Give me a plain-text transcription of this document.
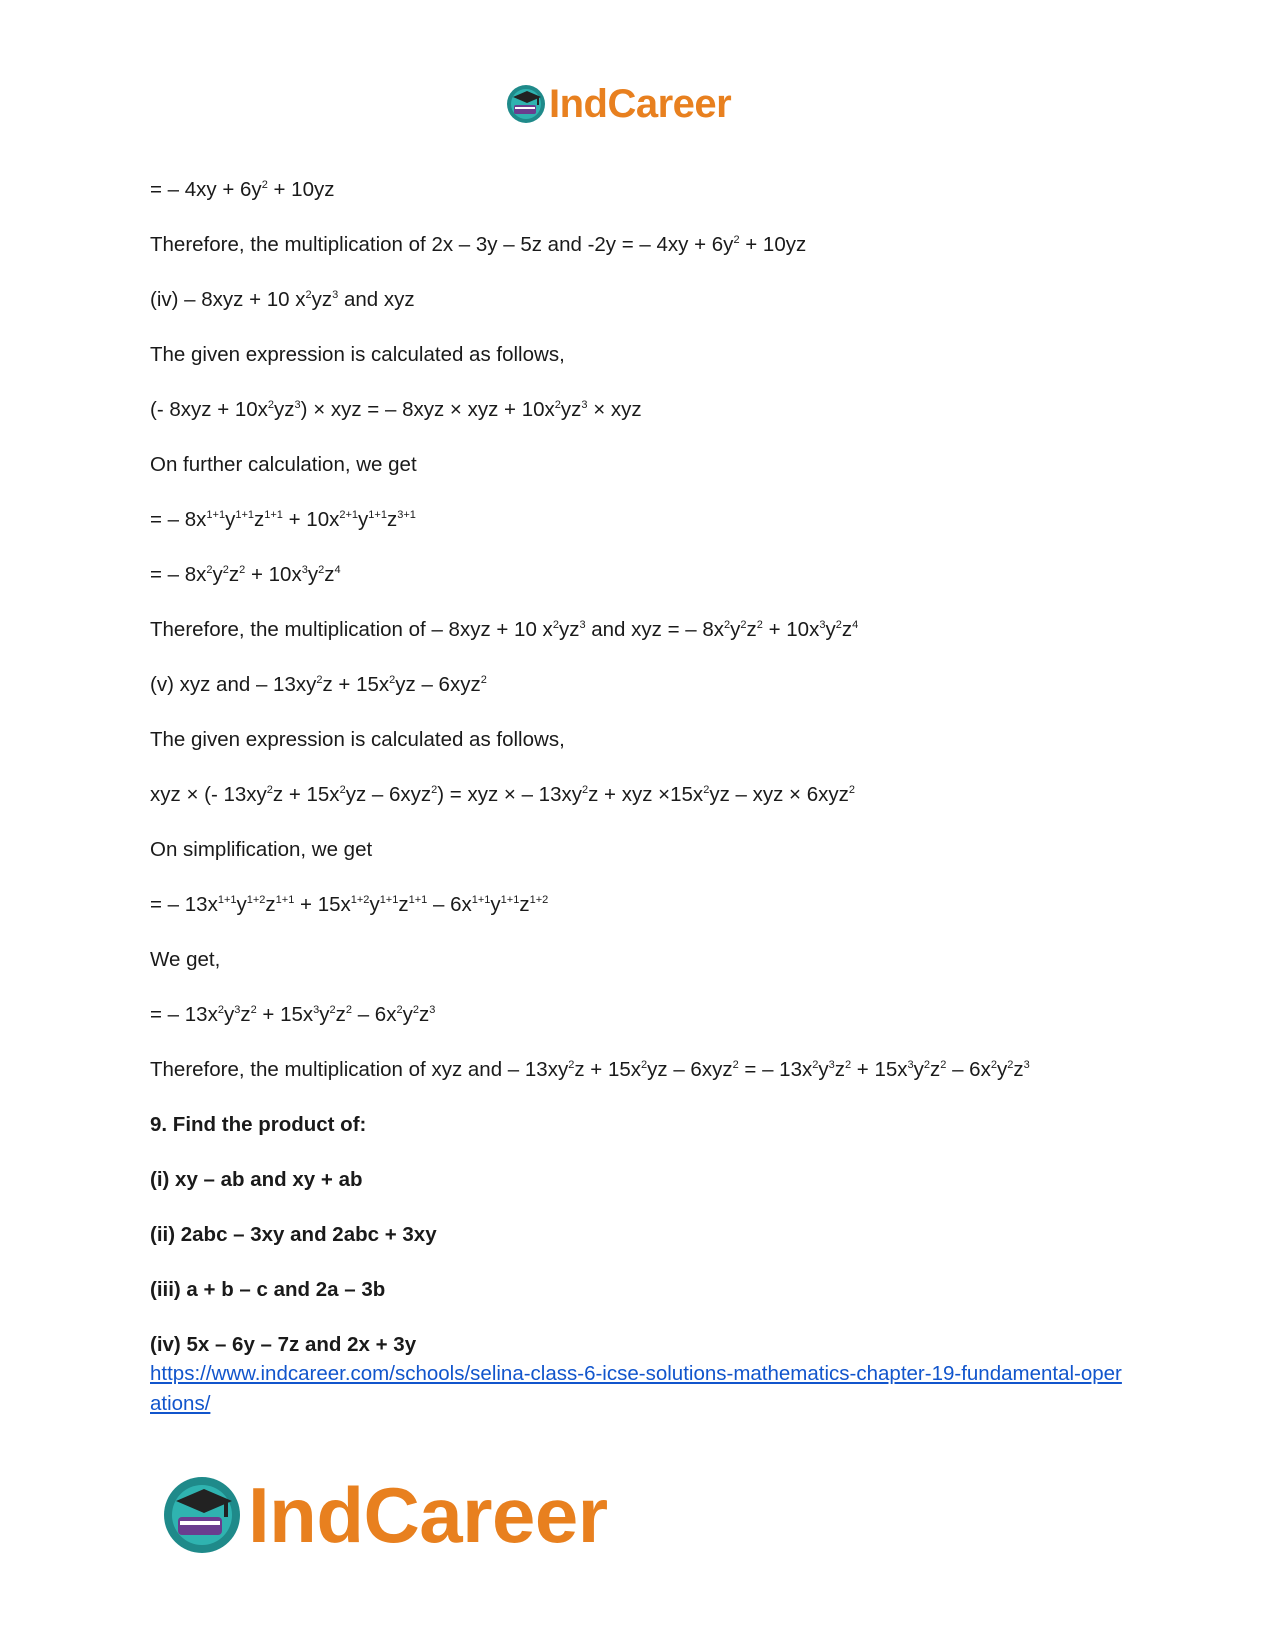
IndCareer

= – $4xy + 6y^2 + 10yz$

Therefore, the multiplication of 2x – 3y – 5z and -2y = – $4xy + 6y^2 + 10yz$

(iv) – 8xyz + 10 $x^2yz^3$ and xyz

The given expression is calculated as follows,

(- $8xyz + 10x^2yz^3$) × xyz = – 8xyz × xyz + $10x^2yz^3$ × xyz

On further calculation, we get

= – $8x^{1+1}y^{1+1}z^{1+1} + 10x^{2+1}y^{1+1}z^{3+1}$

= – $8x^2y^2z^2 + 10x^3y^2z^4$

Therefore, the multiplication of – 8xyz + 10 $x^2yz^3$ and xyz = – $8x^2y^2z^2 + 10x^3y^2z^4$

(v) xyz and – $13xy^2z + 15x^2yz - 6xyz^2$

The given expression is calculated as follows,

xyz × (- $13xy^2z + 15x^2yz - 6xyz^2$) = xyz × – $13xy^2z$ + xyz $\times 15x^2yz$ – xyz × 6xyz$^2$

On simplification, we get

= – $13x^{1+1}y^{1+2}z^{1+1} + 15x^{1+2}y^{1+1}z^{1+1} - 6x^{1+1}y^{1+1}z^{1+2}$

We get,

= – $13x^2y^3z^2 + 15x^3y^2z^2 - 6x^2y^2z^3$

Therefore, the multiplication of xyz and – $13xy^2z + 15x^2yz - 6xyz^2$ = – $13x^2y^3z^2 + 15x^3y^2z^2 - 6x^2y^2z^3$

9. Find the product of:

(i) xy – ab and xy + ab

(ii) 2abc – 3xy and 2abc + 3xy

(iii) a + b – c and 2a – 3b

(iv) 5x – 6y – 7z and 2x + 3y

https://www.indcareer.com/schools/selina-class-6-icse-solutions-mathematics-chapter-19-fundamental-operations/
IndCareer
